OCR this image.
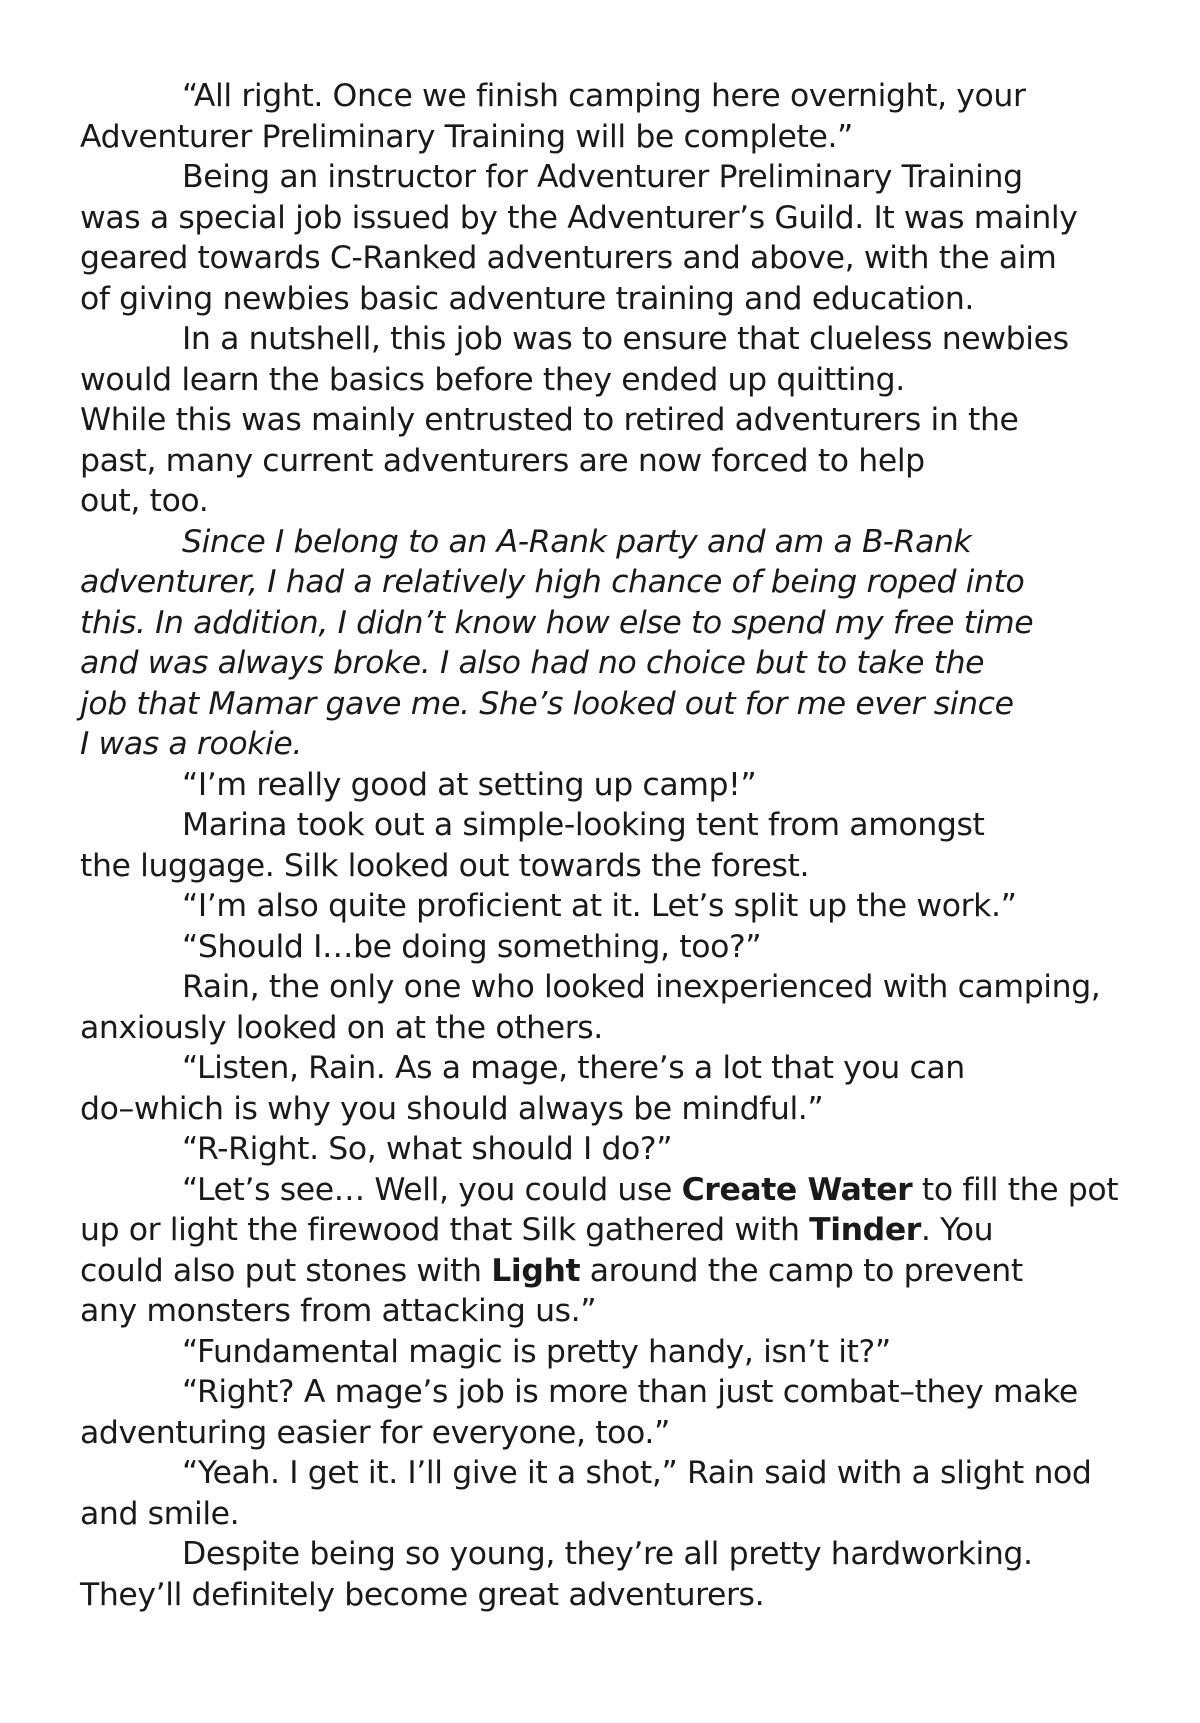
“All right. Once we finish camping here overnight, your
Adventurer Preliminary Training will be complete.”
Being an instructor for Adventurer Preliminary Training
was a special job issued by the Adventurer’s Guild. It was mainly
geared towards C-Ranked adventurers and above, with the aim
of giving newbies basic adventure training and education.
In a nutshell, this job was to ensure that clueless newbies
would learn the basics before they ended up quitting.
While this was mainly entrusted to retired adventurers in the
past, many current adventurers are now forced to help
out, too.
Since I belong to an A-Rank party and am a B-Rank
adventurer, I had a relatively high chance of being roped into
this. In addition, I didn’t know how else to spend my free time
and was always broke. I also had no choice but to take the
job that Mamar gave me. She’s looked out for me ever since
I was a rookie.
“I’m really good at setting up camp!”
Marina took out a simple-looking tent from amongst
the luggage. Silk looked out towards the forest.
“I’m also quite proficient at it. Let’s split up the work.”
“Should I…be doing something, too?”
Rain, the only one who looked inexperienced with camping,
anxiously looked on at the others.
“Listen, Rain. As a mage, there’s a lot that you can
do–which is why you should always be mindful.”
“R-Right. So, what should I do?”
“Let’s see… Well, you could use Create Water to fill the pot
up or light the firewood that Silk gathered with Tinder. You
could also put stones with Light around the camp to prevent
any monsters from attacking us.”
“Fundamental magic is pretty handy, isn’t it?”
“Right? A mage’s job is more than just combat–they make
adventuring easier for everyone, too.”
“Yeah. I get it. I’ll give it a shot,” Rain said with a slight nod
and smile.
Despite being so young, they’re all pretty hardworking.
They’ll definitely become great adventurers.
